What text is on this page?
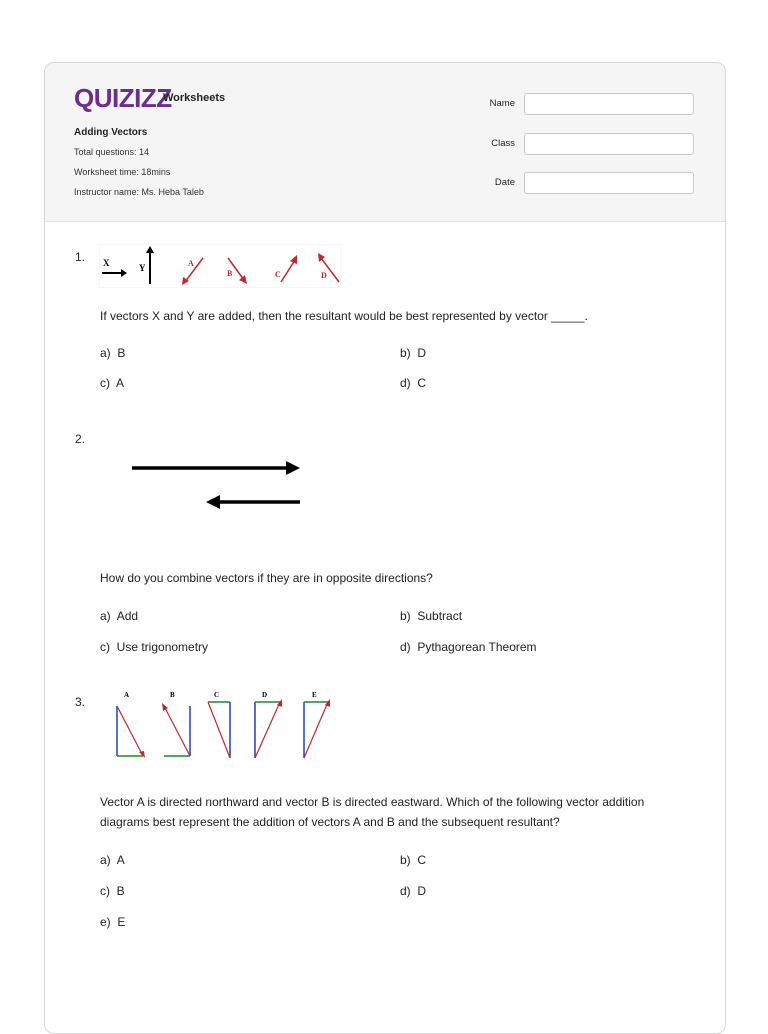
QUIZIZZ
Worksheets
Adding Vectors
Total questions: 14
Worksheet time: 18mins
Instructor name: Ms. Heba Taleb
Name
Class
Date
1. X	Y	A
B	C	D
If vectors X and Y are added, then the resultant would be best represented by vector _____.
a) B	b) D
c) A	d) C
2.
How do you combine vectors if they are in opposite directions?
a) Add	b) Subtract
c) Use trigonometry	d) Pythagorean Theorem
3.	A	B	C	D	E
Vector A is directed northward and vector B is directed eastward. Which of the following vector addition
diagrams best represent the addition of vectors A and B and the subsequent resultant?
a) A	b) C
c) B	d) D
e) E
